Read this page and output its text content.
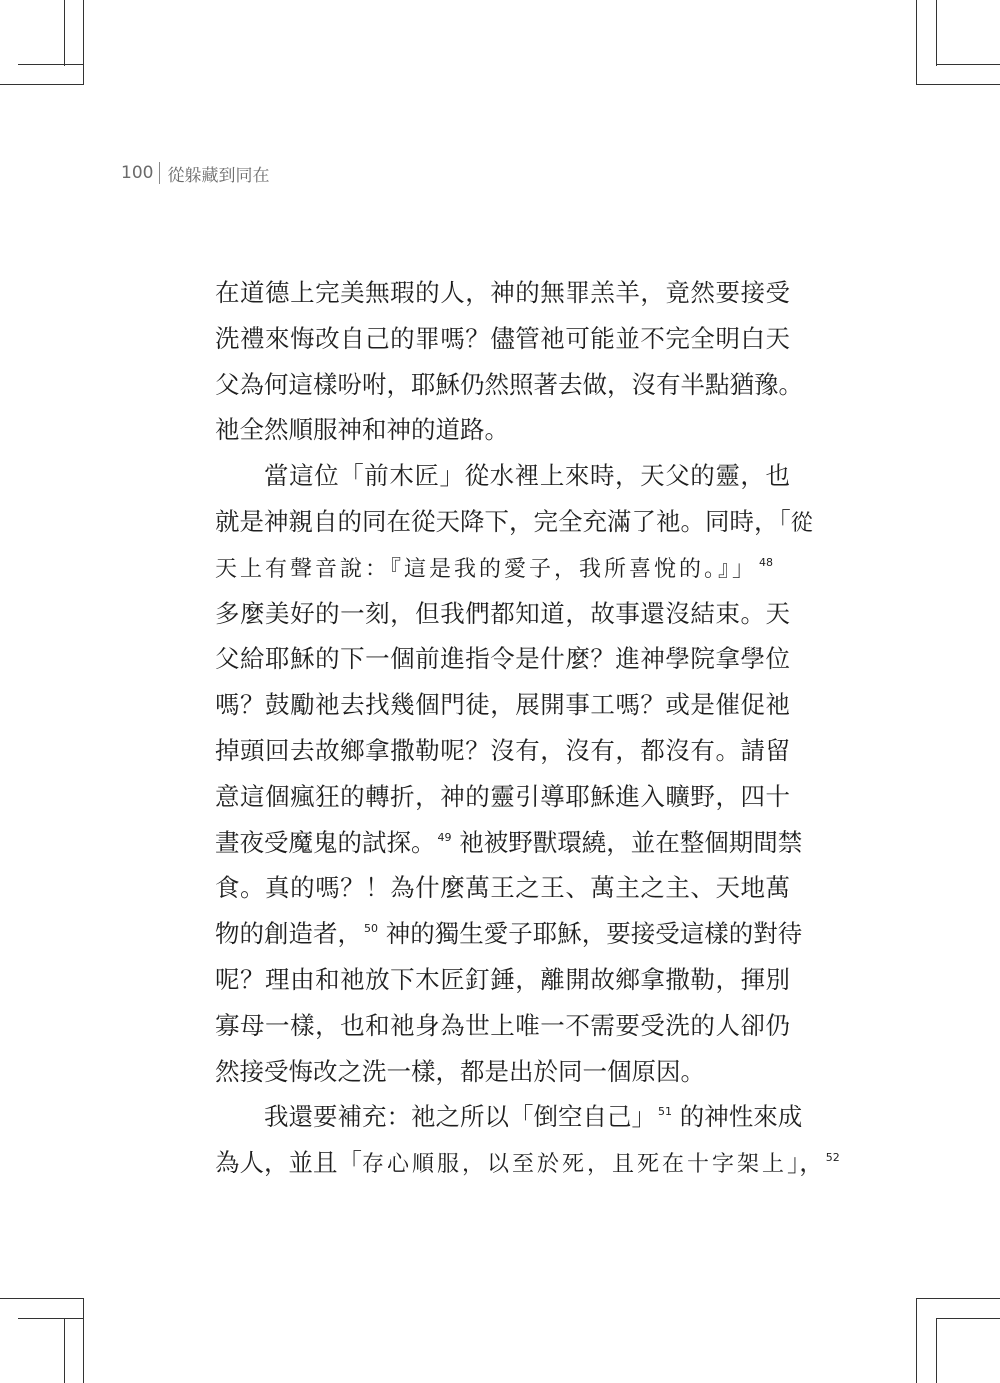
100 從躲藏到同在
在道德上完美無瑕的人，神的無罪羔羊，竟然要接受
洗禮來悔改自己的罪嗎？儘管祂可能並不完全明白天
父為何這樣吩咐，耶穌仍然照著去做，沒有半點猶豫。
祂全然順服神和神的道路。
當這位「前木匠」從水裡上來時，天父的靈，也
就是神親自的同在從天降下，完全充滿了祂。同時，「從
天上有聲音說：『這是我的愛子，我所喜悅的。』」 $^{48}$
多麼美好的一刻，但我們都知道，故事還沒結束。天
父給耶穌的下一個前進指令是什麼？進神學院拿學位
嗎？鼓勵祂去找幾個門徒，展開事工嗎？或是催促祂
掉頭回去故鄉拿撒勒呢？沒有，沒有，都沒有。請留
意這個瘋狂的轉折，神的靈引導耶穌進入曠野，四十
晝夜受魔鬼的試探。 $^{49}$ 祂被野獸環繞，並在整個期間禁
食。真的嗎？！為什麼萬王之王、萬主之主、天地萬
物的創造者， $^{50}$ 神的獨生愛子耶穌，要接受這樣的對待
呢？理由和祂放下木匠釘錘，離開故鄉拿撒勒，揮別
寡母一樣，也和祂身為世上唯一不需要受洗的人卻仍
然接受悔改之洗一樣，都是出於同一個原因。
我還要補充：祂之所以「倒空自己」 $^{51}$ 的神性來成
為人，並且「存心順服，以至於死，且死在十字架上」， $^{52}$
